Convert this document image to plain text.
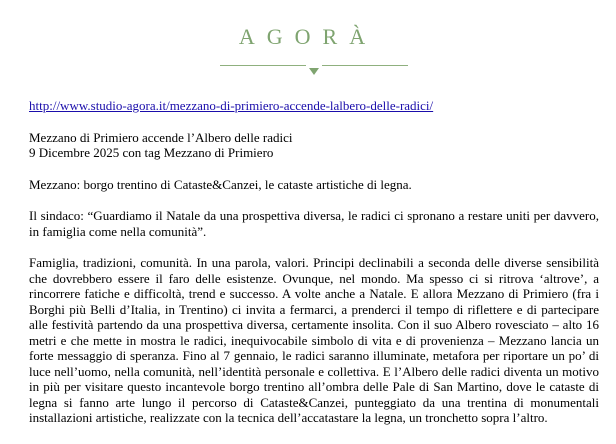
AGORÀ
http://www.studio-agora.it/mezzano-di-primiero-accende-lalbero-delle-radici/

Mezzano di Primiero accende l’Albero delle radici

9 Dicembre 2025 con tag Mezzano di Primiero

Mezzano: borgo trentino di Cataste&Canzei, le cataste artistiche di legna.

Il sindaco: “Guardiamo il Natale da una prospettiva diversa, le radici ci spronano a restare uniti per davvero, in famiglia come nella comunità”.

Famiglia, tradizioni, comunità. In una parola, valori. Principi declinabili a seconda delle diverse sensibilità che dovrebbero essere il faro delle esistenze. Ovunque, nel mondo. Ma spesso ci si ritrova ‘altrove’, a rincorrere fatiche e difficoltà, trend e successo. A volte anche a Natale. E allora Mezzano di Primiero (fra i Borghi più Belli d’Italia, in Trentino) ci invita a fermarci, a prenderci il tempo di riflettere e di partecipare alle festività partendo da una prospettiva diversa, certamente insolita. Con il suo Albero rovesciato – alto 16 metri e che mette in mostra le radici, inequivocabile simbolo di vita e di provenienza – Mezzano lancia un forte messaggio di speranza. Fino al 7 gennaio, le radici saranno illuminate, metafora per riportare un po’ di luce nell’uomo, nella comunità, nell’identità personale e collettiva. E l’Albero delle radici diventa un motivo in più per visitare questo incantevole borgo trentino all’ombra delle Pale di San Martino, dove le cataste di legna si fanno arte lungo il percorso di Cataste&Canzei, punteggiato da una trentina di monumentali installazioni artistiche, realizzate con la tecnica dell’accatastare la legna, un tronchetto sopra l’altro.
